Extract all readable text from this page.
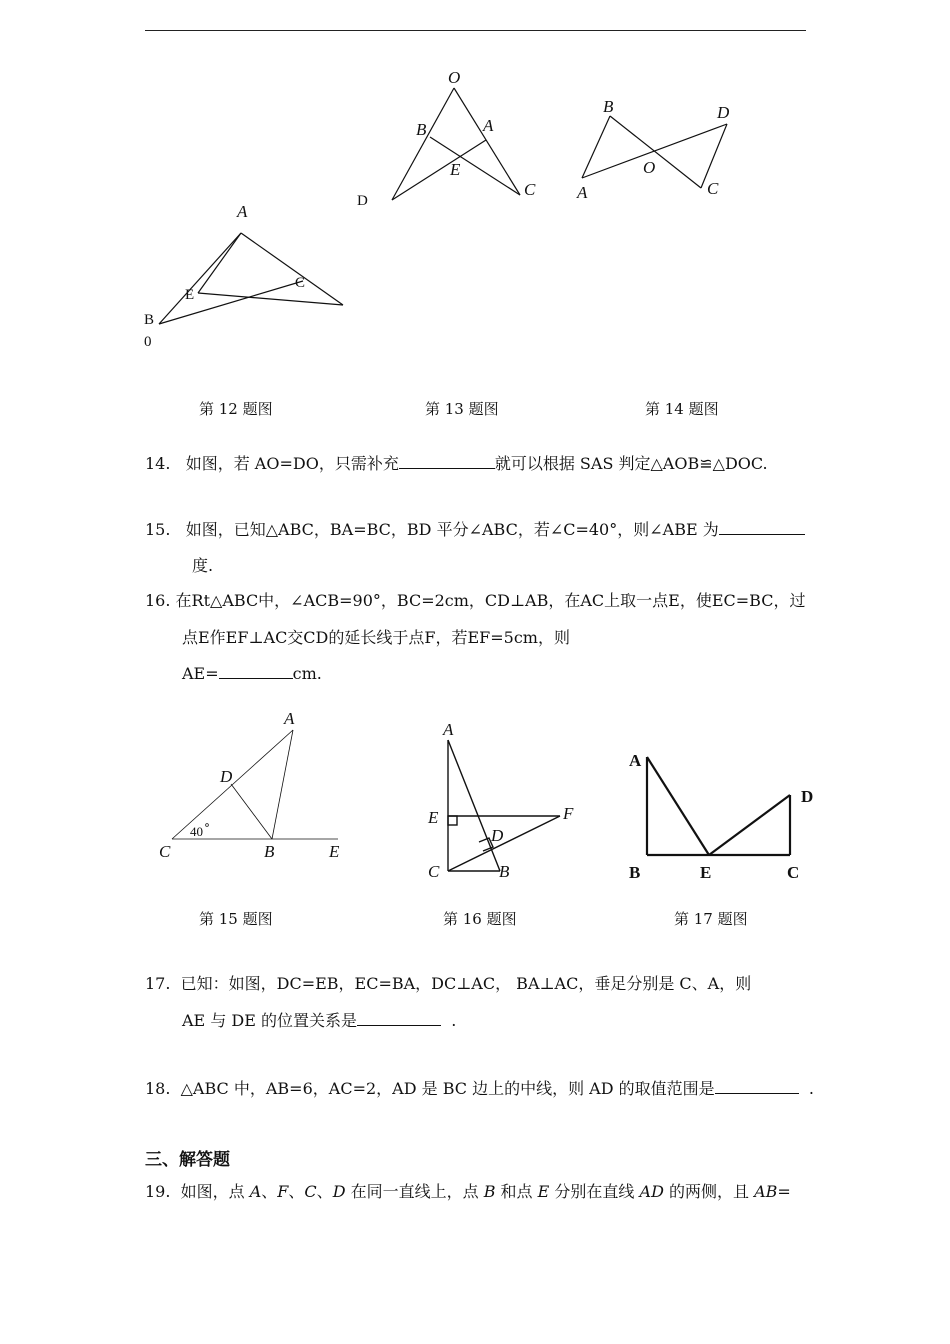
A
E
C
B
0
O
B	A
E
D
C
B	D
O
A	C
第 12 题图	第 13 题图	第 14 题图
14. 如图，若 AO=DO，只需补充	就可以根据 SAS 判定△AOB≌△DOC.
15. 如图，已知△ABC，BA=BC，BD 平分∠ABC，若∠C=40°，则∠ABE 为
度.
16. 在Rt△ABC中，∠ACB=90°，BC=2cm，CD⊥AB，在AC上取一点E，使EC=BC，过
点E作EF⊥AC交CD的延长线于点F，若EF=5cm，则
AE=	cm.
A
D
C	B	E
40
A
E	F
D
C	B
A
D
B	E	C
第 15 题图	第 16 题图	第 17 题图
17. 已知：如图，DC=EB，EC=BA，DC⊥AC， BA⊥AC，垂足分别是 C、A，则
AE 与 DE 的位置关系是	.
18. △ABC 中，AB=6，AC=2，AD 是 BC 边上的中线，则 AD 的取值范围是	.
三、解答题
19. 如图，点 A、F、C、D 在同一直线上，点 B 和点 E 分别在直线 AD 的两侧，且 AB=
